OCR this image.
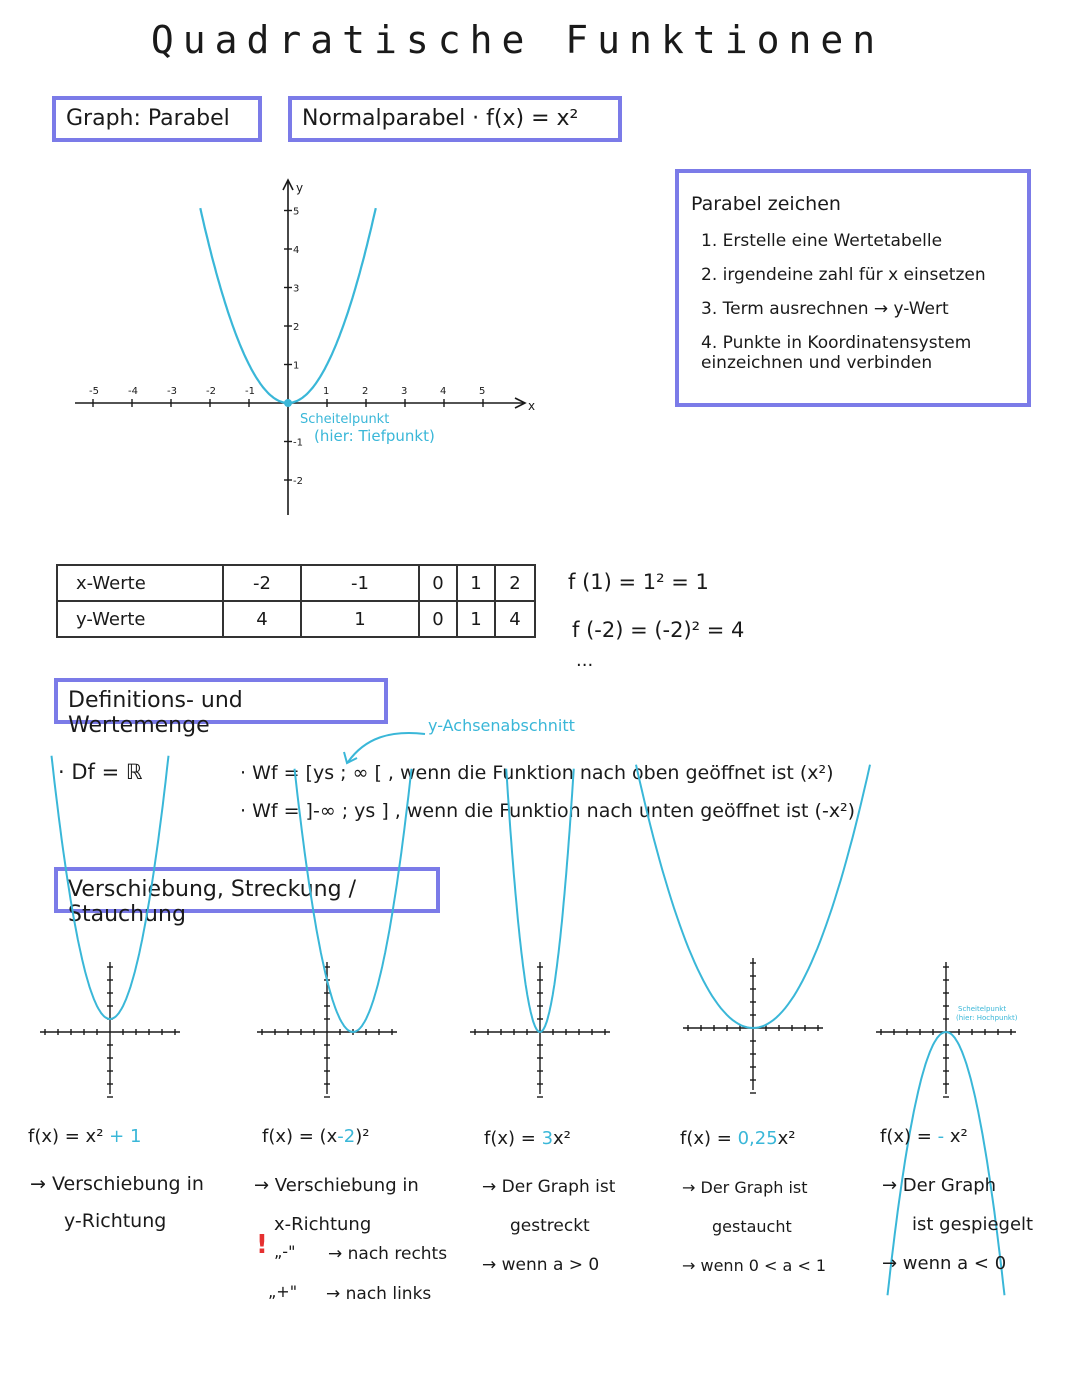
Quadratische Funktionen
Graph: Parabel	Normalparabel · f(x) = x²
-5	-4	-3	-2	-1	1	2	3	4	5
5
4
3
2
1
-1
-2
x
y
Scheitelpunkt
(hier: Tiefpunkt)
Parabel zeichen
1. Erstelle eine Wertetabelle
2. irgendeine zahl für x einsetzen
3. Term ausrechnen → y-Wert
4. Punkte in Koordinatensystem einzeichnen und verbinden
x-Werte	-2	-1	0	1	2
y-Werte	4	1	0	1	4
f (1) = 1² = 1
f (-2) = (-2)² = 4
...
Definitions- und Wertemenge	y-Achsenabschnitt
· Df = ℝ	· Wf = [ys ; ∞ [ , wenn die Funktion nach oben geöffnet ist (x²)
· Wf = ]-∞ ; ys ] , wenn die Funktion nach unten geöffnet ist (-x²)
Verschiebung, Streckung / Stauchung
Scheitelpunkt
(hier: Hochpunkt)
f(x) = x² + 1
→ Verschiebung in
y-Richtung
f(x) = (x-2)²
→ Verschiebung in
x-Richtung
! „-" → nach rechts
„+" → nach links
f(x) = 3x²
→ Der Graph ist
gestreckt
→ wenn a > 0
f(x) = 0,25x²
→ Der Graph ist
gestaucht
→ wenn 0 < a < 1
f(x) = - x²
→ Der Graph
ist gespiegelt
→ wenn a < 0
